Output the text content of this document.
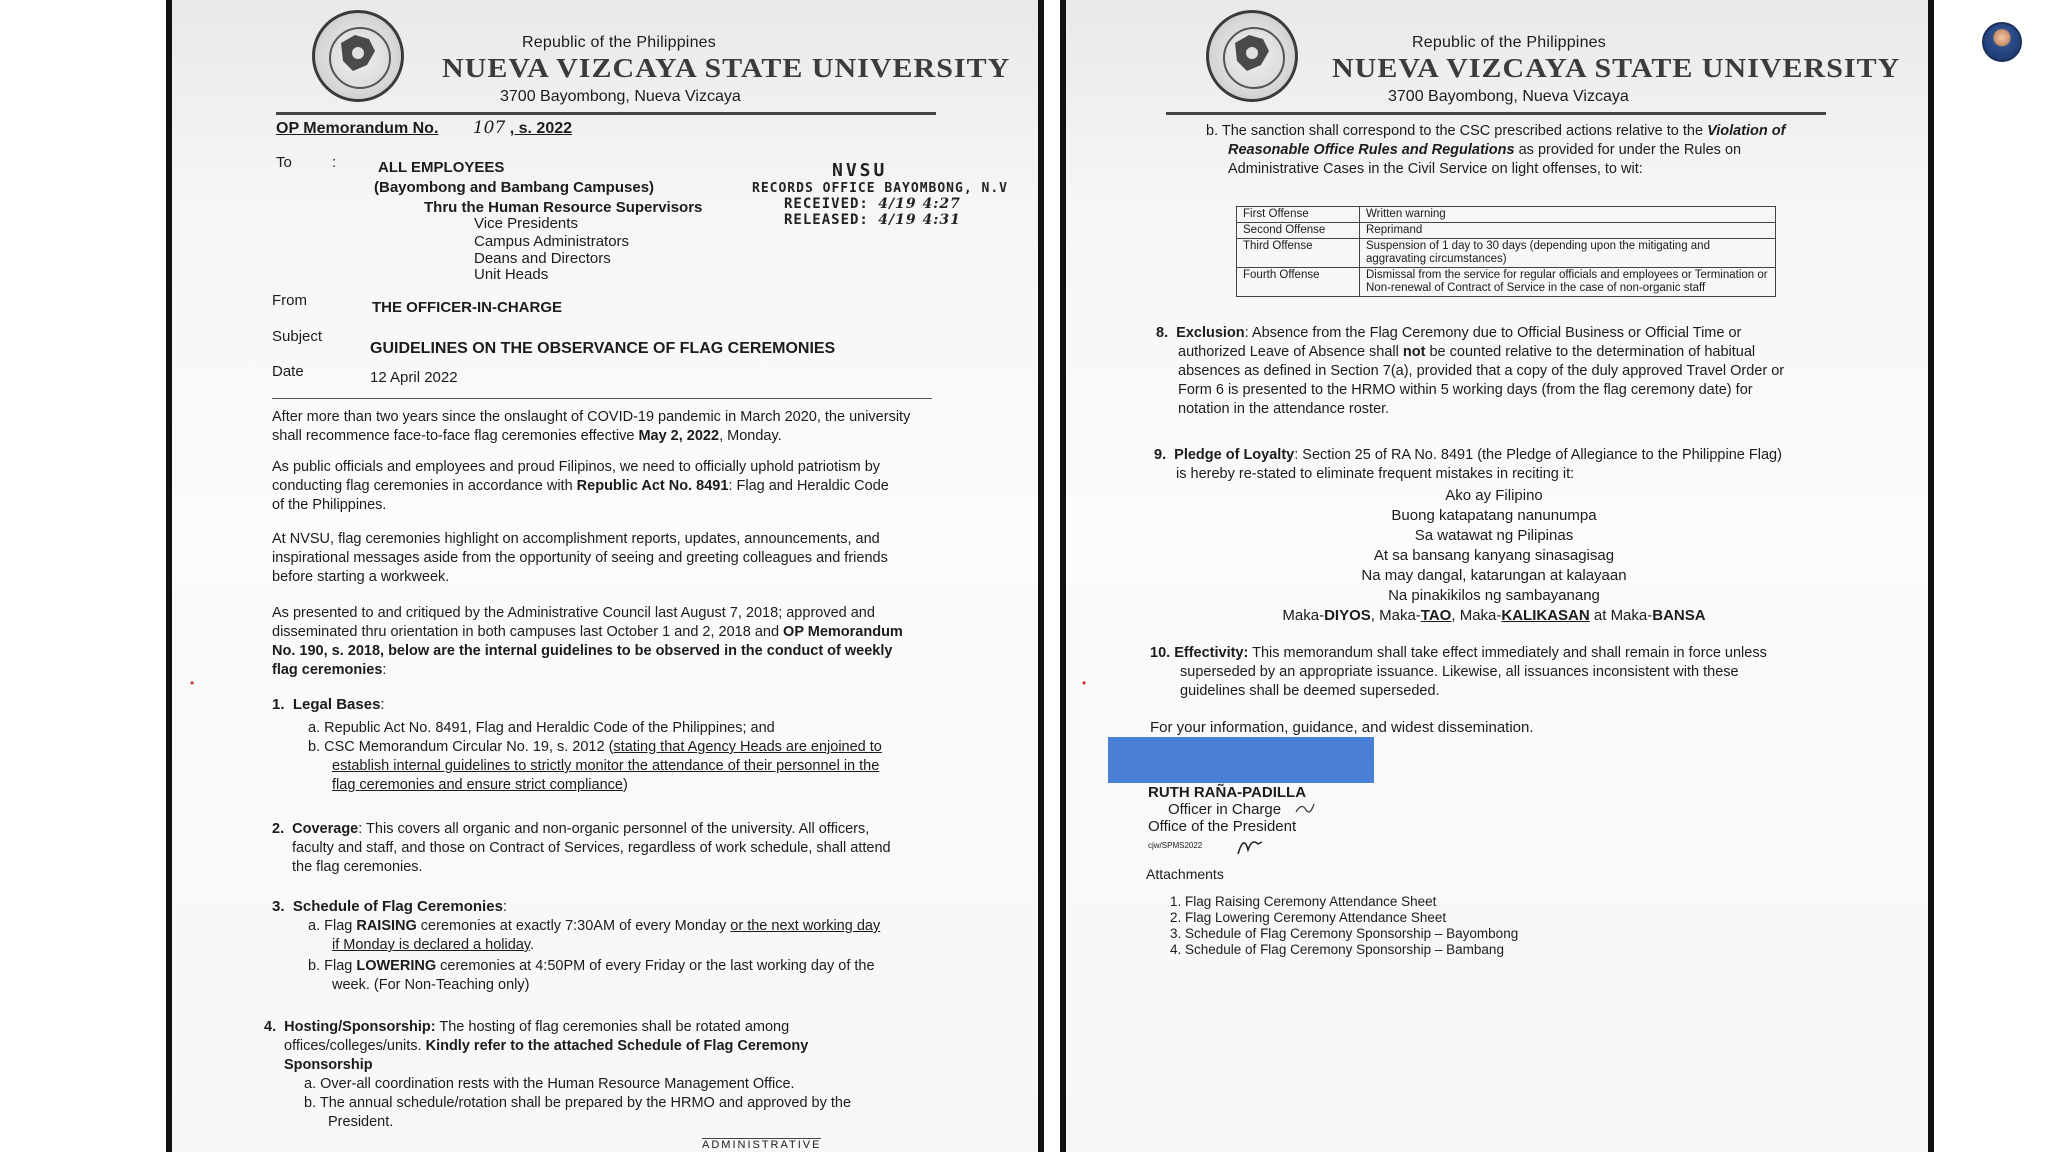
Republic of the Philippines
NUEVA VIZCAYA STATE UNIVERSITY
3700 Bayombong, Nueva Vizcaya
OP Memorandum No. 107 , s. 2022
To	:	ALL EMPLOYEES
(Bayombong and Bambang Campuses)
Thru the Human Resource Supervisors
Vice Presidents
Campus Administrators
Deans and Directors
Unit Heads
NVSU
RECORDS OFFICE BAYOMBONG, N.V
RECEIVED: 4/19 4:27
RELEASED: 4/19 4:31
From	THE OFFICER-IN-CHARGE
Subject
GUIDELINES ON THE OBSERVANCE OF FLAG CEREMONIES
Date	12 April 2022
After more than two years since the onslaught of COVID-19 pandemic in March 2020, the university
shall recommence face-to-face flag ceremonies effective May 2, 2022, Monday.
As public officials and employees and proud Filipinos, we need to officially uphold patriotism by
conducting flag ceremonies in accordance with Republic Act No. 8491: Flag and Heraldic Code
of the Philippines.
At NVSU, flag ceremonies highlight on accomplishment reports, updates, announcements, and
inspirational messages aside from the opportunity of seeing and greeting colleagues and friends
before starting a workweek.
As presented to and critiqued by the Administrative Council last August 7, 2018; approved and
disseminated thru orientation in both campuses last October 1 and 2, 2018 and OP Memorandum
No. 190, s. 2018, below are the internal guidelines to be observed in the conduct of weekly
flag ceremonies:
1. Legal Bases:
a. Republic Act No. 8491, Flag and Heraldic Code of the Philippines; and
b. CSC Memorandum Circular No. 19, s. 2012 (stating that Agency Heads are enjoined to
establish internal guidelines to strictly monitor the attendance of their personnel in the
flag ceremonies and ensure strict compliance)
2. Coverage: This covers all organic and non-organic personnel of the university. All officers,
faculty and staff, and those on Contract of Services, regardless of work schedule, shall attend
the flag ceremonies.
3. Schedule of Flag Ceremonies:
a. Flag RAISING ceremonies at exactly 7:30AM of every Monday or the next working day
if Monday is declared a holiday.
b. Flag LOWERING ceremonies at 4:50PM of every Friday or the last working day of the
week. (For Non-Teaching only)
4. Hosting/Sponsorship: The hosting of flag ceremonies shall be rotated among
offices/colleges/units. Kindly refer to the attached Schedule of Flag Ceremony
Sponsorship
a. Over-all coordination rests with the Human Resource Management Office.
b. The annual schedule/rotation shall be prepared by the HRMO and approved by the
President.
ADMINISTRATIVE
•
Republic of the Philippines
NUEVA VIZCAYA STATE UNIVERSITY
3700 Bayombong, Nueva Vizcaya
b. The sanction shall correspond to the CSC prescribed actions relative to the Violation of
Reasonable Office Rules and Regulations as provided for under the Rules on
Administrative Cases in the Civil Service on light offenses, to wit:
First Offense	Written warning
Second Offense	Reprimand
Third Offense	Suspension of 1 day to 30 days (depending upon the mitigating and aggravating circumstances)
Fourth Offense	Dismissal from the service for regular officials and employees or Termination or Non-renewal of Contract of Service in the case of non-organic staff
8. Exclusion: Absence from the Flag Ceremony due to Official Business or Official Time or
authorized Leave of Absence shall not be counted relative to the determination of habitual
absences as defined in Section 7(a), provided that a copy of the duly approved Travel Order or
Form 6 is presented to the HRMO within 5 working days (from the flag ceremony date) for
notation in the attendance roster.
9. Pledge of Loyalty: Section 25 of RA No. 8491 (the Pledge of Allegiance to the Philippine Flag)
is hereby re-stated to eliminate frequent mistakes in reciting it:
Ako ay Filipino
Buong katapatang nanunumpa
Sa watawat ng Pilipinas
At sa bansang kanyang sinasagisag
Na may dangal, katarungan at kalayaan
Na pinakikilos ng sambayanang
Maka-DIYOS, Maka-TAO, Maka-KALIKASAN at Maka-BANSA
10. Effectivity: This memorandum shall take effect immediately and shall remain in force unless
superseded by an appropriate issuance. Likewise, all issuances inconsistent with these
guidelines shall be deemed superseded.
For your information, guidance, and widest dissemination.
RUTH RAÑA-PADILLA
Officer in Charge
Office of the President
cjw/SPMS2022
Attachments
1. Flag Raising Ceremony Attendance Sheet
2. Flag Lowering Ceremony Attendance Sheet
3. Schedule of Flag Ceremony Sponsorship – Bayombong
4. Schedule of Flag Ceremony Sponsorship – Bambang
•
